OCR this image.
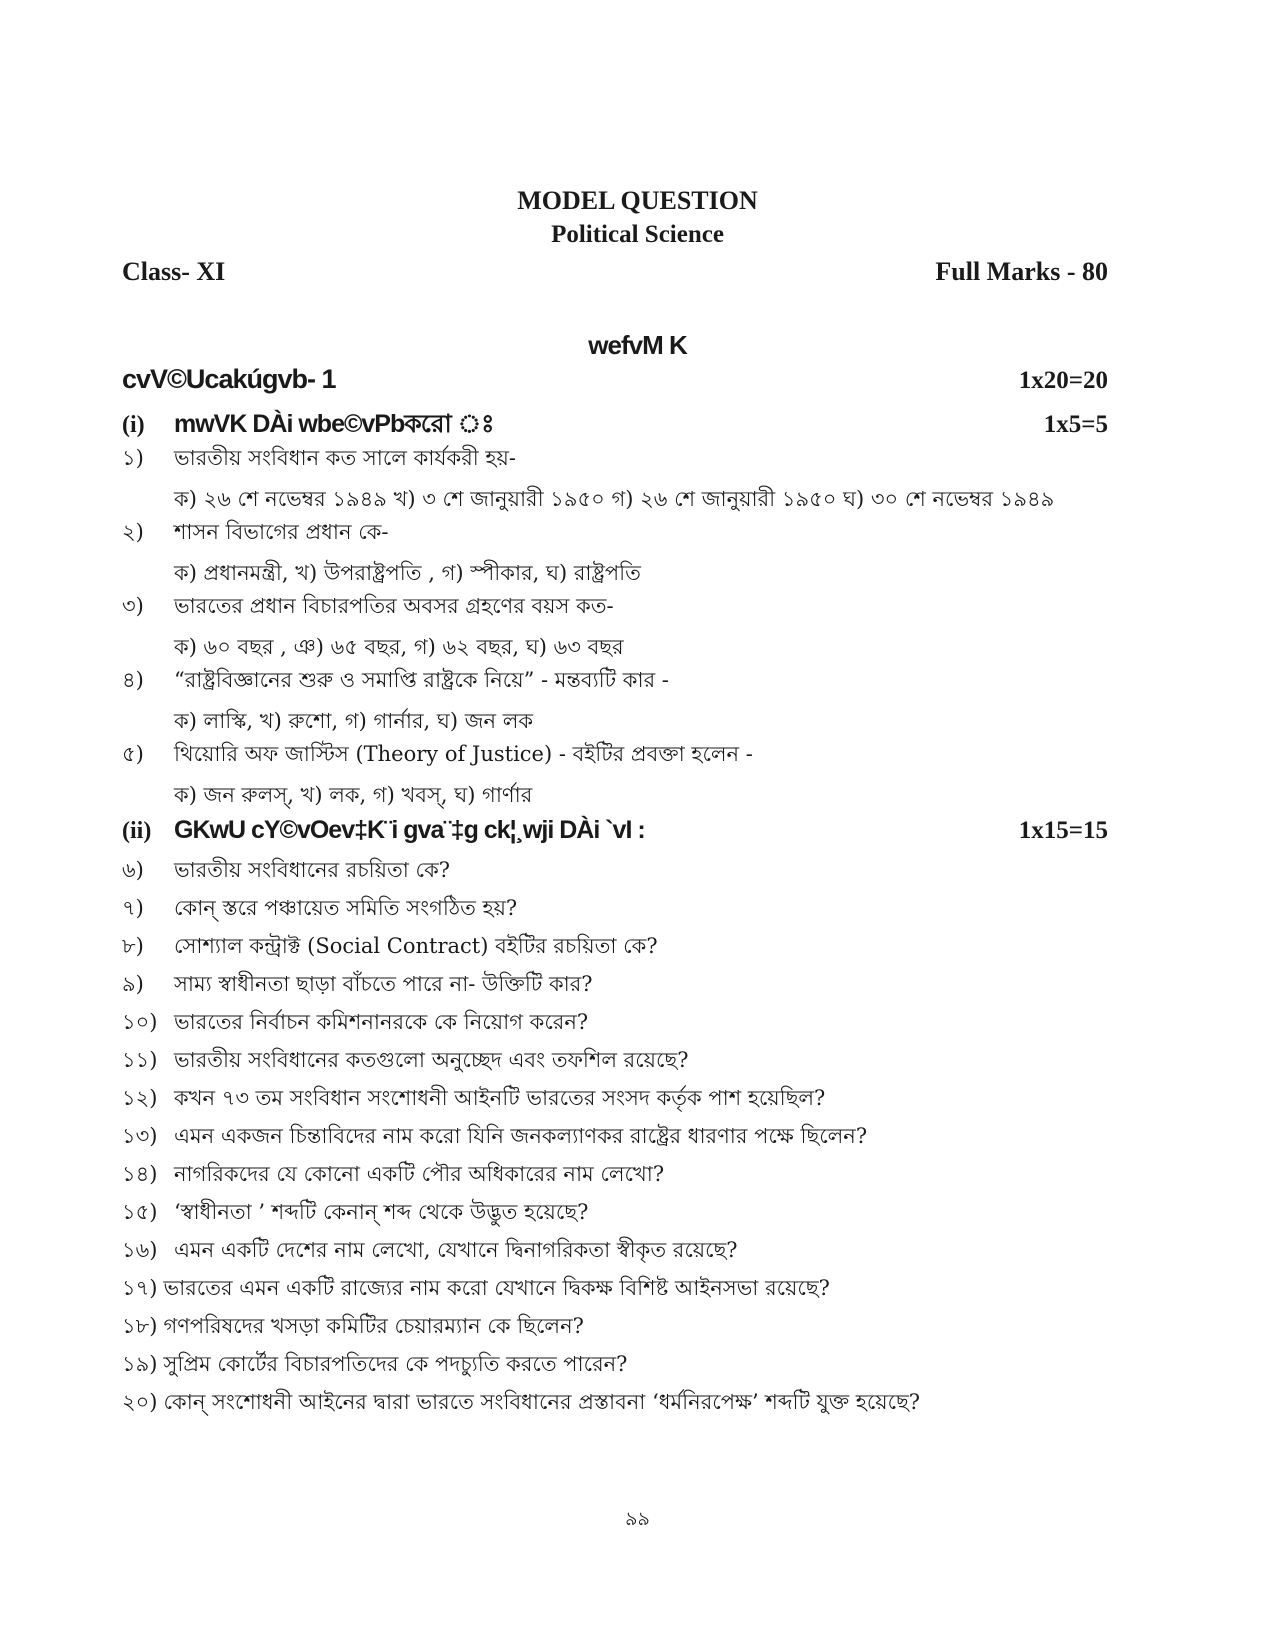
MODEL QUESTION
Political Science
Class- XI	Full Marks - 80
wefvM K
cvV©Ucakúgvb- 1	1x20=20
(i)	mwVK DÀi wbe©vPbকরো ঃ	1x5=5
১) ভারতীয় সংবিধান কত সালে কার্যকরী হয়-
ক) ২৬ শে নভেম্বর ১৯৪৯ খ) ৩ শে জানুয়ারী ১৯৫০ গ) ২৬ শে জানুয়ারী ১৯৫০ ঘ) ৩০ শে নভেম্বর ১৯৪৯
২) শাসন বিভাগের প্রধান কে-
ক) প্রধানমন্ত্রী, খ) উপরাষ্ট্রপতি , গ) স্পীকার, ঘ) রাষ্ট্রপতি
৩) ভারতের প্রধান বিচারপতির অবসর গ্রহণের বয়স কত-
ক) ৬০ বছর , ঞ) ৬৫ বছর, গ) ৬২ বছর, ঘ) ৬৩ বছর
৪) “রাষ্ট্রবিজ্ঞানের শুরু ও সমাপ্তি রাষ্ট্রকে নিয়ে” - মন্তব্যটি কার -
ক) লাস্কি, খ) রুশো, গ) গার্নার, ঘ) জন লক
৫) থিয়োরি অফ জাস্টিস (Theory of Justice) - বইটির প্রবক্তা হলেন -
ক) জন রুলস্, খ) লক, গ) খবস্, ঘ) গার্ণার
(ii) GKwU cY©vOev‡K¨i gva¨‡g ck¦¸wji DÀi `vI :	1x15=15
৬) ভারতীয় সংবিধানের রচয়িতা কে?
৭) কোন্ স্তরে পঞ্চায়েত সমিতি সংগঠিত হয়?
৮) সোশ্যাল কন্ট্রাক্ট (Social Contract) বইটির রচয়িতা কে?
৯) সাম্য স্বাধীনতা ছাড়া বাঁচতে পারে না- উক্তিটি কার?
১০) ভারতের নির্বাচন কমিশনানরকে কে নিয়োগ করেন?
১১) ভারতীয় সংবিধানের কতগুলো অনুচ্ছেদ এবং তফশিল রয়েছে?
১২) কখন ৭৩ তম সংবিধান সংশোধনী আইনটি ভারতের সংসদ কর্তৃক পাশ হয়েছিল?
১৩) এমন একজন চিন্তাবিদের নাম করো যিনি জনকল্যাণকর রাষ্ট্রের ধারণার পক্ষে ছিলেন?
১৪) নাগরিকদের যে কোনো একটি পৌর অধিকারের নাম লেখো?
১৫) ‘স্বাধীনতা ’ শব্দটি কেনান্ শব্দ থেকে উদ্ভুত হয়েছে?
১৬) এমন একটি দেশের নাম লেখো, যেখানে দ্বিনাগরিকতা স্বীকৃত রয়েছে?
১৭) ভারতের এমন একটি রাজ্যের নাম করো যেখানে দ্বিকক্ষ বিশিষ্ট আইনসভা রয়েছে?
১৮) গণপরিষদের খসড়া কমিটির চেয়ারম্যান কে ছিলেন?
১৯) সুপ্রিম কোর্টের বিচারপতিদের কে পদচ্যুতি করতে পারেন?
২০) কোন্ সংশোধনী আইনের দ্বারা ভারতে সংবিধানের প্রস্তাবনা ‘ধর্মনিরপেক্ষ’ শব্দটি যুক্ত হয়েছে?
৯৯
